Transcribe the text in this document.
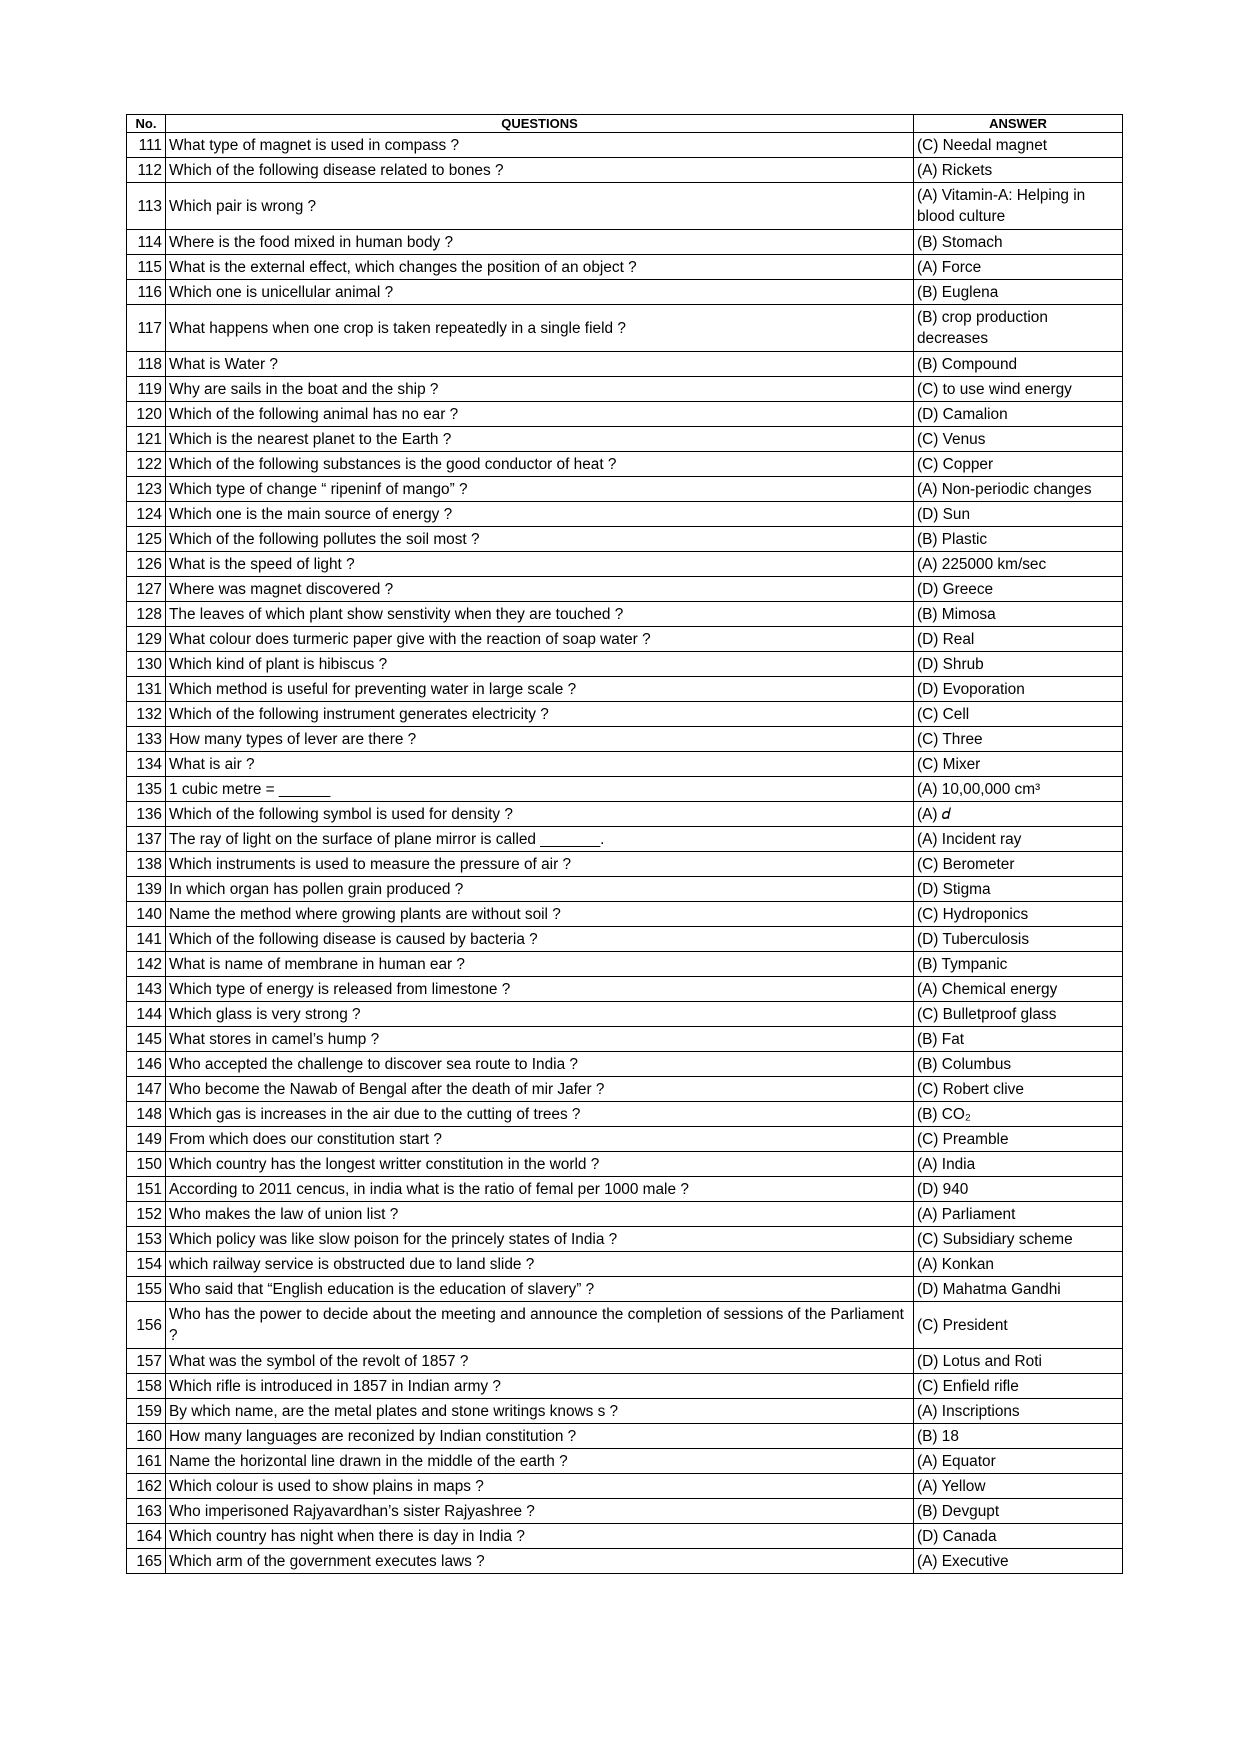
No.	QUESTIONS	ANSWER
111	What type of magnet is used in compass ?	(C) Needal magnet
112	Which of the following disease related to bones ?	(A) Rickets
113	Which pair is wrong ?	(A) Vitamin-A: Helping in blood culture
114	Where is the food mixed in human body ?	(B) Stomach
115	What is the external effect, which changes the position of an object ?	(A) Force
116	Which one is unicellular animal ?	(B) Euglena
117	What happens when one crop is taken repeatedly in a single field ?	(B) crop production decreases
118	What is Water ?	(B) Compound
119	Why are sails in the boat and the ship ?	(C) to use wind energy
120	Which of the following animal has no ear ?	(D) Camalion
121	Which is the nearest planet to the Earth ?	(C) Venus
122	Which of the following substances is the good conductor of heat ?	(C) Copper
123	Which type of change “ ripeninf of mango” ?	(A) Non-periodic changes
124	Which one is the main source of energy ?	(D) Sun
125	Which of the following pollutes the soil most ?	(B) Plastic
126	What is the speed of light ?	(A) 225000 km/sec
127	Where was magnet discovered ?	(D) Greece
128	The leaves of which plant show senstivity when they are touched ?	(B) Mimosa
129	What colour does turmeric paper give with the reaction of soap water ?	(D) Real
130	Which kind of plant is hibiscus ?	(D) Shrub
131	Which method is useful for preventing water in large scale ?	(D) Evoporation
132	Which of the following instrument generates electricity ?	(C) Cell
133	How many types of lever are there ?	(C) Three
134	What is air ?	(C) Mixer
135	1 cubic metre = ______	(A) 10,00,000 cm³
136	Which of the following symbol is used for density ?	(A) 𝑑
137	The ray of light on the surface of plane mirror is called _______.	(A) Incident ray
138	Which instruments is used to measure the pressure of air ?	(C) Berometer
139	In which organ has pollen grain produced ?	(D) Stigma
140	Name the method where growing plants are without soil ?	(C) Hydroponics
141	Which of the following disease is caused by bacteria ?	(D) Tuberculosis
142	What is name of membrane in human ear ?	(B) Tympanic
143	Which type of energy is released from limestone ?	(A) Chemical energy
144	Which glass is very strong ?	(C) Bulletproof glass
145	What stores in camel’s hump ?	(B) Fat
146	Who accepted the challenge to discover sea route to India ?	(B) Columbus
147	Who become the Nawab of Bengal after the death of mir Jafer ?	(C) Robert clive
148	Which gas is increases in the air due to the cutting of trees ?	(B) CO₂
149	From which does our constitution start ?	(C) Preamble
150	Which country has the longest writter constitution in the world ?	(A) India
151	According to 2011 cencus, in india what is the ratio of femal per 1000 male ?	(D) 940
152	Who makes the law of union list ?	(A) Parliament
153	Which policy was like slow poison for the princely states of India ?	(C) Subsidiary scheme
154	which railway service is obstructed due to land slide ?	(A) Konkan
155	Who said that “English education is the education of slavery” ?	(D) Mahatma Gandhi
156	Who has the power to decide about the meeting and announce the completion of sessions of the Parliament ?	(C) President
157	What was the symbol of the revolt of 1857 ?	(D) Lotus and Roti
158	Which rifle is introduced in 1857 in Indian army ?	(C) Enfield rifle
159	By which name, are the metal plates and stone writings knows s ?	(A) Inscriptions
160	How many languages are reconized by Indian constitution ?	(B) 18
161	Name the horizontal line drawn in the middle of the earth ?	(A) Equator
162	Which colour is used to show plains in maps ?	(A) Yellow
163	Who imperisoned Rajyavardhan’s sister Rajyashree ?	(B) Devgupt
164	Which country has night when there is day in India ?	(D) Canada
165	Which arm of the government executes laws ?	(A) Executive
